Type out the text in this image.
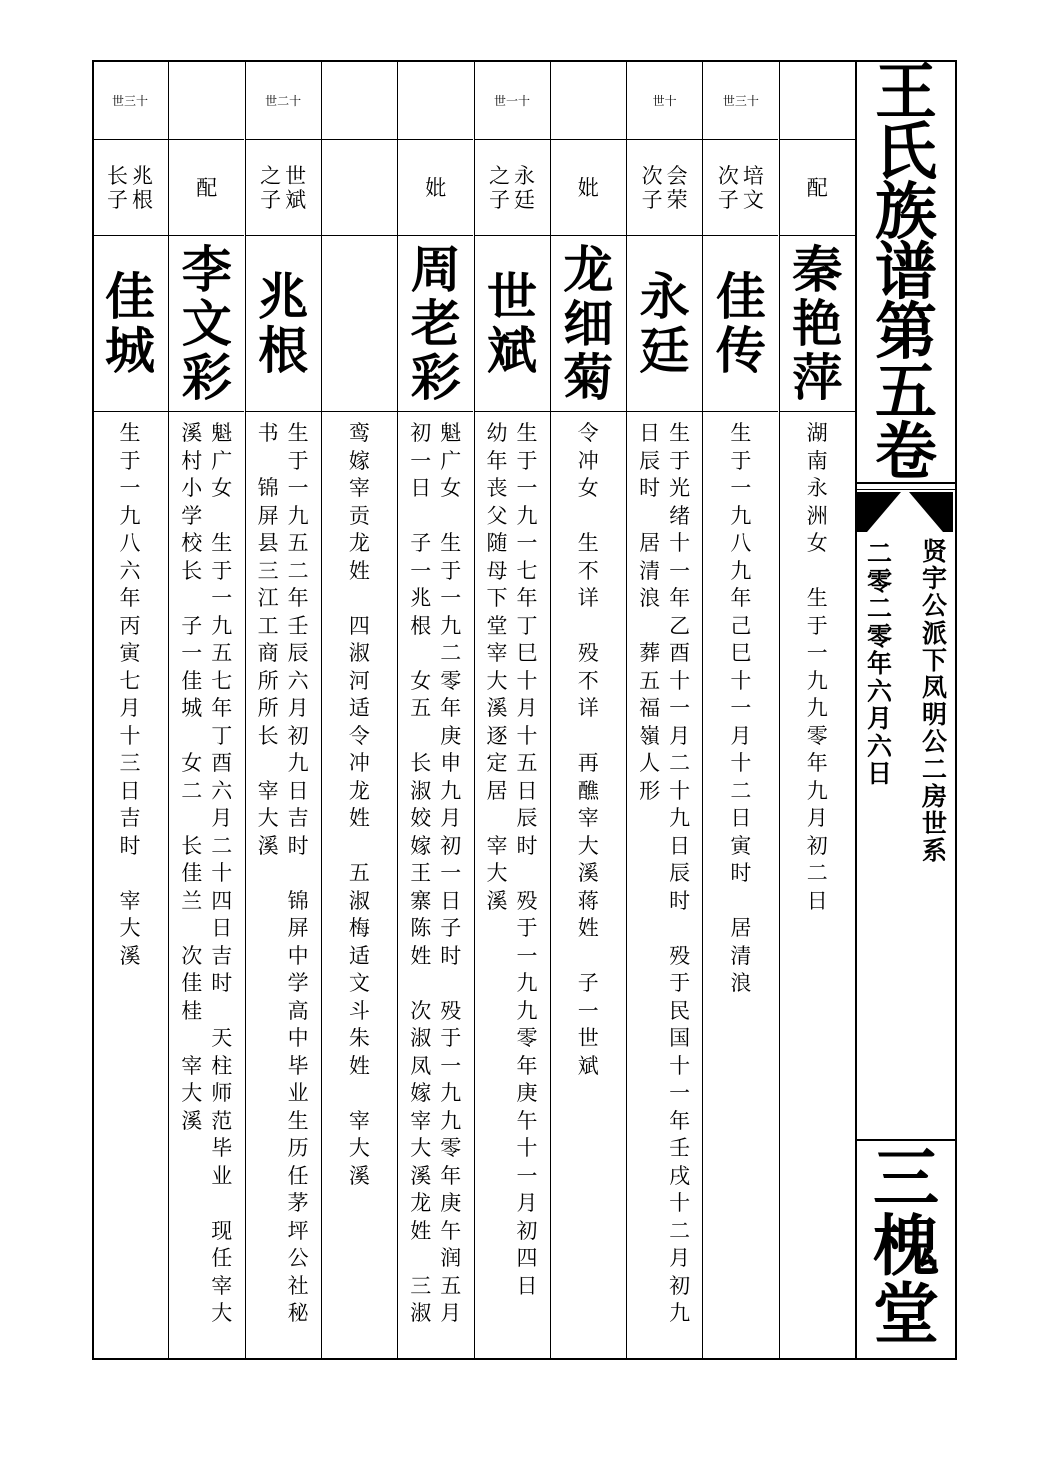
配
秦
艳
萍
湖
南
永
洲
女

生
于
一
九
九
零
年
九
月
初
二
日
世三十
培
文
次
子
佳
传
生
于
一
九
八
九
年
己
巳
十
一
月
十
二
日
寅
时

居
清
浪
世十
会
荣
次
子
永
廷
生
于
光
绪
十
一
年
乙
酉
十
一
月
二
十
九
日
辰
时

殁
于
民
国
十
一
年
壬
戌
十
二
月
初
九
日
辰
时

居
清
浪

葬
五
福
嶺
人
形
妣
龙
细
菊
令
冲
女

生
不
详

殁
不
详

再
醮
宰
大
溪
蒋
姓

子
一
世
斌
世一十
永
廷
之
子
世
斌
生
于
一
九
一
七
年
丁
巳
十
月
十
五
日
辰
时

殁
于
一
九
九
零
年
庚
午
十
一
月
初
四
日
幼
年
丧
父
随
母
下
堂
宰
大
溪
逐
定
居

宰
大
溪
妣
周
老
彩
魁
广
女

生
于
一
九
二
零
年
庚
申
九
月
初
一
日
子
时

殁
于
一
九
九
零
年
庚
午
润
五
月
初
一
日

子
一
兆
根

女
五

长
淑
姣
嫁
王
寨
陈
姓

次
淑
凤
嫁
宰
大
溪
龙
姓

三
淑
鸾
嫁
宰
贡
龙
姓

四
淑
河
适
令
冲
龙
姓

五
淑
梅
适
文
斗
朱
姓

宰
大
溪
世二十
世
斌
之
子
兆
根
生
于
一
九
五
二
年
壬
辰
六
月
初
九
日
吉
时

锦
屏
中
学
高
中
毕
业
生
历
任
茅
坪
公
社
秘
书

锦
屏
县
三
江
工
商
所
所
长

宰
大
溪
配
李
文
彩
魁
广
女

生
于
一
九
五
七
年
丁
酉
六
月
二
十
四
日
吉
时

天
柱
师
范
毕
业

现
任
宰
大
溪
村
小
学
校
长

子
一
佳
城

女
二

长
佳
兰

次
佳
桂

宰
大
溪
世三十
兆
根
长
子
佳
城
生
于
一
九
八
六
年
丙
寅
七
月
十
三
日
吉
时

宰
大
溪
王
氏
族
谱
第
五
卷
贤
宇
公
派
下
凤
明
公
二
房
世
系
二
零
二
零
年
六
月
六
日
三
槐
堂
